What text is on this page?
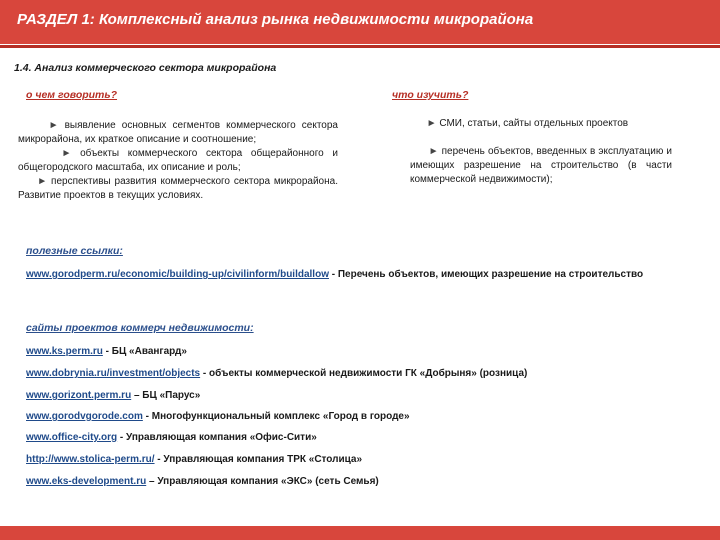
РАЗДЕЛ 1: Комплексный анализ рынка недвижимости микрорайона
1.4. Анализ коммерческого сектора микрорайона
о чем говорить?
► выявление основных сегментов коммерческого сектора микрорайона, их краткое описание и соотношение;
► объекты коммерческого сектора общерайонного и общегородского масштаба, их описание и роль;
► перспективы развития коммерческого сектора микрорайона. Развитие проектов в текущих условиях.
что изучить?
► СМИ, статьи, сайты отдельных проектов
► перечень объектов, введенных в эксплуатацию и имеющих разрешение на строительство (в части коммерческой недвижимости);
полезные ссылки:
www.gorodperm.ru/economic/building-up/civilinform/buildallow - Перечень объектов, имеющих разрешение на строительство
сайты проектов коммерч недвижимости:
www.ks.perm.ru - БЦ «Авангард»
www.dobrynia.ru/investment/objects - объекты коммерческой недвижимости ГК «Добрыня» (розница)
www.gorizont.perm.ru – БЦ «Парус»
www.gorodvgorode.com - Многофункциональный комплекс «Город в городе»
www.office-city.org - Управляющая компания «Офис-Сити»
http://www.stolica-perm.ru/ - Управляющая компания ТРК «Столица»
www.eks-development.ru – Управляющая компания «ЭКС» (сеть Семья)
